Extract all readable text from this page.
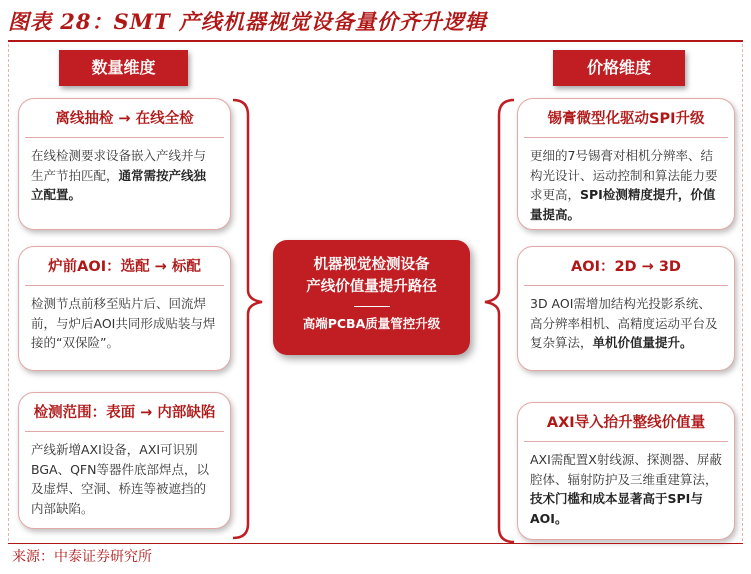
图表 28：SMT 产线机器视觉设备量价齐升逻辑
数量维度	价格维度
离线抽检 → 在线全检
在线检测要求设备嵌入产线并与生产节拍匹配，通常需按产线独立配置。
炉前AOI：选配 → 标配
检测节点前移至贴片后、回流焊前，与炉后AOI共同形成贴装与焊接的“双保险”。
检测范围：表面 → 内部缺陷
产线新增AXI设备，AXI可识别BGA、QFN等器件底部焊点，以及虚焊、空洞、桥连等被遮挡的内部缺陷。
机器视觉检测设备
产线价值量提升路径
高端PCBA质量管控升级
锡膏微型化驱动SPI升级
更细的7号锡膏对相机分辨率、结构光设计、运动控制和算法能力要求更高，SPI检测精度提升，价值量提高。
AOI：2D → 3D
3D AOI需增加结构光投影系统、高分辨率相机、高精度运动平台及复杂算法，单机价值量提升。
AXI导入抬升整线价值量
AXI需配置X射线源、探测器、屏蔽腔体、辐射防护及三维重建算法，技术门槛和成本显著高于SPI与AOI。
来源：中泰证券研究所
